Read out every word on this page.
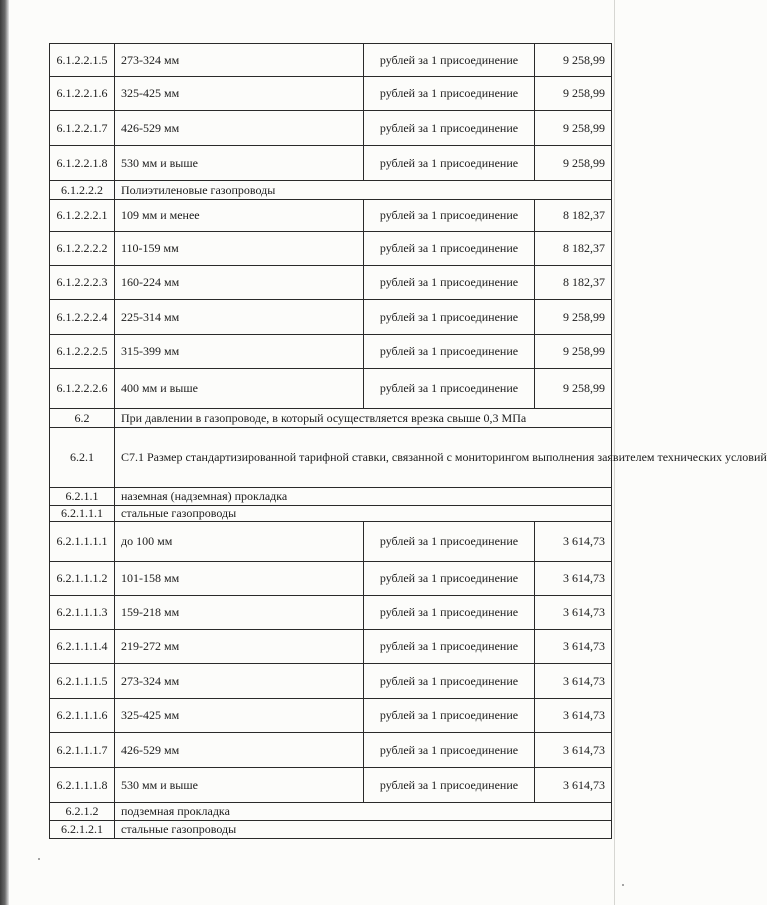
6.1.2.2.1.5	273-324 мм	рублей за 1 присоединение	9 258,99
6.1.2.2.1.6	325-425 мм	рублей за 1 присоединение	9 258,99
6.1.2.2.1.7	426-529 мм	рублей за 1 присоединение	9 258,99
6.1.2.2.1.8	530 мм и выше	рублей за 1 присоединение	9 258,99
6.1.2.2.2	Полиэтиленовые газопроводы		
6.1.2.2.2.1	109 мм и менее	рублей за 1 присоединение	8 182,37
6.1.2.2.2.2	110-159 мм	рублей за 1 присоединение	8 182,37
6.1.2.2.2.3	160-224 мм	рублей за 1 присоединение	8 182,37
6.1.2.2.2.4	225-314 мм	рублей за 1 присоединение	9 258,99
6.1.2.2.2.5	315-399 мм	рублей за 1 присоединение	9 258,99
6.1.2.2.2.6	400 мм и выше	рублей за 1 присоединение	9 258,99
6.2	При давлении в газопроводе, в который осуществляется врезка свыше 0,3 МПа		
6.2.1	С7.1 Размер стандартизированной тарифной ставки, связанной с мониторингом выполнения заявителем технических условий		
6.2.1.1	наземная (надземная) прокладка		
6.2.1.1.1	стальные газопроводы		
6.2.1.1.1.1	до 100 мм	рублей за 1 присоединение	3 614,73
6.2.1.1.1.2	101-158 мм	рублей за 1 присоединение	3 614,73
6.2.1.1.1.3	159-218 мм	рублей за 1 присоединение	3 614,73
6.2.1.1.1.4	219-272 мм	рублей за 1 присоединение	3 614,73
6.2.1.1.1.5	273-324 мм	рублей за 1 присоединение	3 614,73
6.2.1.1.1.6	325-425 мм	рублей за 1 присоединение	3 614,73
6.2.1.1.1.7	426-529 мм	рублей за 1 присоединение	3 614,73
6.2.1.1.1.8	530 мм и выше	рублей за 1 присоединение	3 614,73
6.2.1.2	подземная прокладка		
6.2.1.2.1	стальные газопроводы		
